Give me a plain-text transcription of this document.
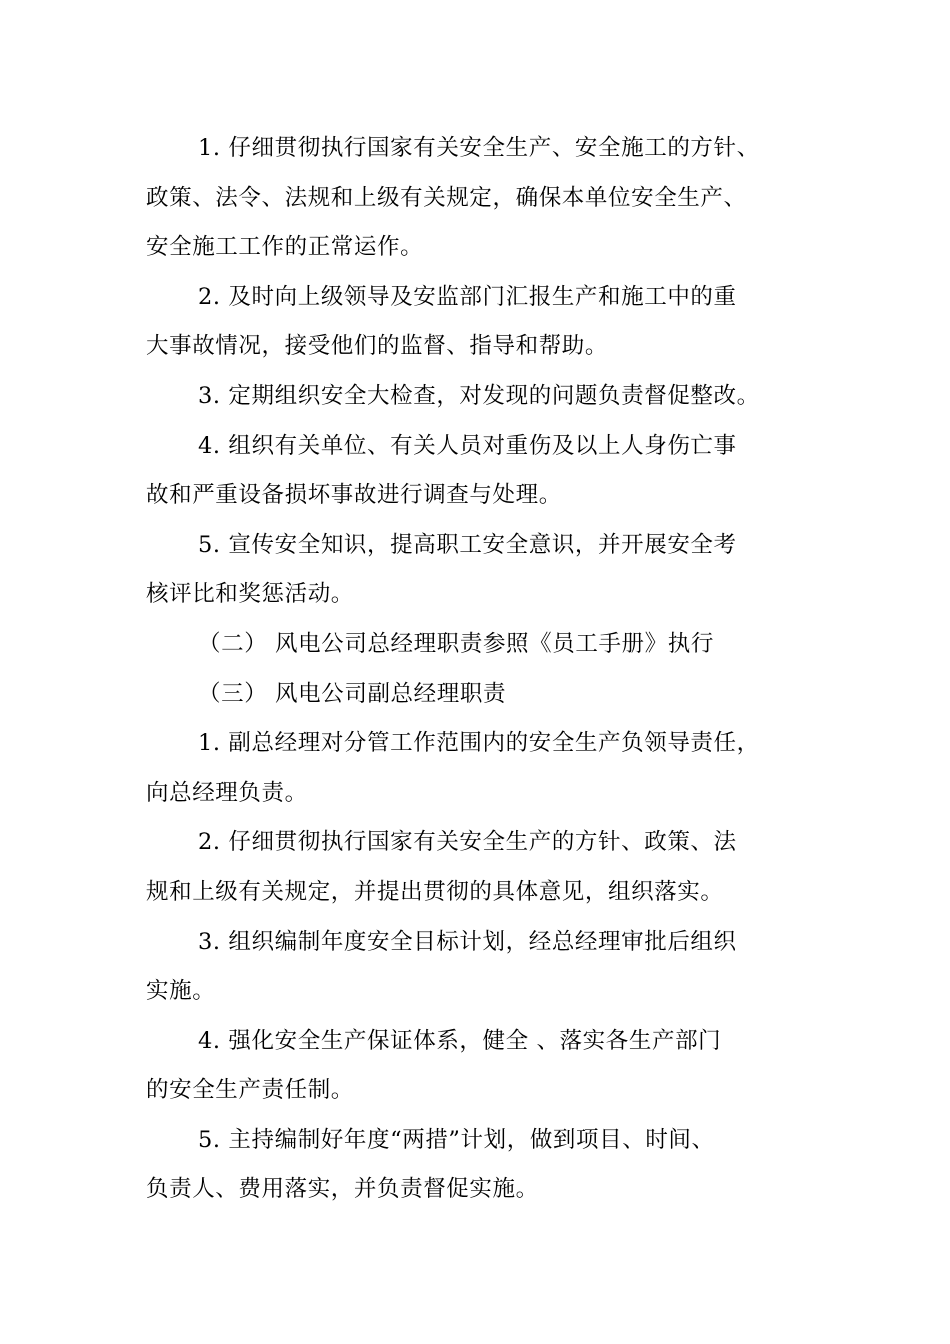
1. 仔细贯彻执行国家有关安全生产、安全施工的方针、
政策、法令、法规和上级有关规定，确保本单位安全生产、
安全施工工作的正常运作。
2. 及时向上级领导及安监部门汇报生产和施工中的重
大事故情况，接受他们的监督、指导和帮助。
3. 定期组织安全大检查，对发现的问题负责督促整改。
4. 组织有关单位、有关人员对重伤及以上人身伤亡事
故和严重设备损坏事故进行调查与处理。
5. 宣传安全知识，提高职工安全意识，并开展安全考
核评比和奖惩活动。
（二） 风电公司总经理职责参照《员工手册》执行
（三） 风电公司副总经理职责
1. 副总经理对分管工作范围内的安全生产负领导责任，
向总经理负责。
2. 仔细贯彻执行国家有关安全生产的方针、政策、法
规和上级有关规定，并提出贯彻的具体意见，组织落实。
3. 组织编制年度安全目标计划，经总经理审批后组织
实施。
4. 强化安全生产保证体系，健全 、落实各生产部门
的安全生产责任制。
5. 主持编制好年度“两措”计划，做到项目、时间、
负责人、费用落实，并负责督促实施。
